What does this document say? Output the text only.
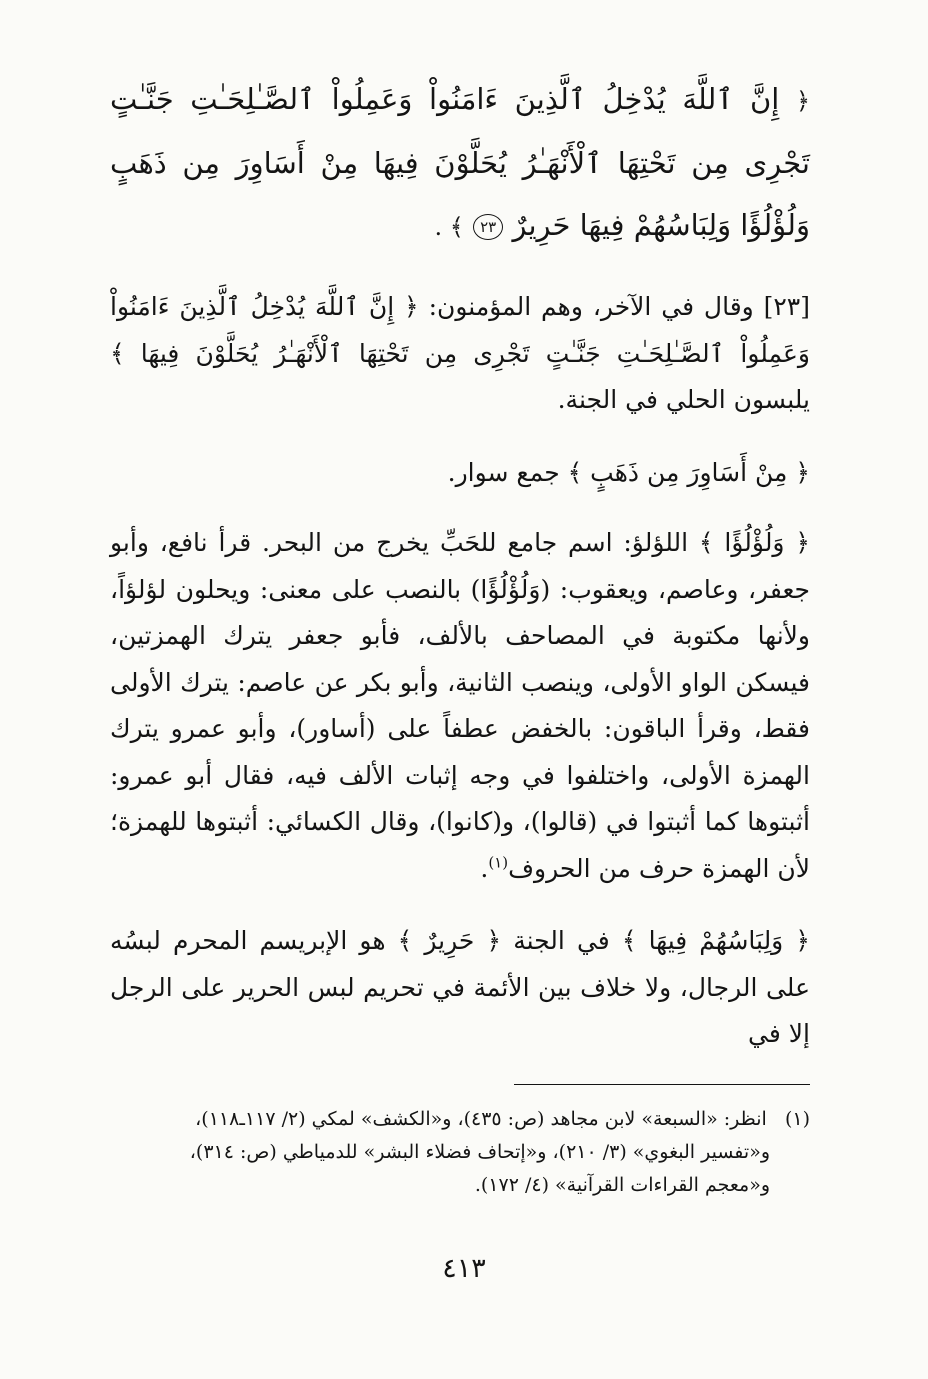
﴿ إِنَّ ٱللَّهَ يُدْخِلُ ٱلَّذِينَ ءَامَنُواْ وَعَمِلُواْ ٱلصَّـٰلِحَـٰتِ جَنَّـٰتٍ تَجْرِى مِن تَحْتِهَا ٱلْأَنْهَـٰرُ يُحَلَّوْنَ فِيهَا مِنْ أَسَاوِرَ مِن ذَهَبٍ وَلُؤْلُؤًا وَلِبَاسُهُمْ فِيهَا حَرِيرٌ ٢٣ ﴾ .

[٢٣] وقال في الآخر، وهم المؤمنون: ﴿ إِنَّ ٱللَّهَ يُدْخِلُ ٱلَّذِينَ ءَامَنُواْ وَعَمِلُواْ ٱلصَّـٰلِحَـٰتِ جَنَّـٰتٍ تَجْرِى مِن تَحْتِهَا ٱلْأَنْهَـٰرُ يُحَلَّوْنَ فِيهَا ﴾ يلبسون الحلي في الجنة.

﴿ مِنْ أَسَاوِرَ مِن ذَهَبٍ ﴾ جمع سوار.

﴿ وَلُؤْلُؤًا ﴾ اللؤلؤ: اسم جامع للحَبِّ يخرج من البحر. قرأ نافع، وأبو جعفر، وعاصم، ويعقوب: (وَلُؤْلُؤًا) بالنصب على معنى: ويحلون لؤلؤاً، ولأنها مكتوبة في المصاحف بالألف، فأبو جعفر يترك الهمزتين، فيسكن الواو الأولى، وينصب الثانية، وأبو بكر عن عاصم: يترك الأولى فقط، وقرأ الباقون: بالخفض عطفاً على (أساور)، وأبو عمرو يترك الهمزة الأولى، واختلفوا في وجه إثبات الألف فيه، فقال أبو عمرو: أثبتوها كما أثبتوا في (قالوا)، و(كانوا)، وقال الكسائي: أثبتوها للهمزة؛ لأن الهمزة حرف من الحروف$^{(١)}$.

﴿ وَلِبَاسُهُمْ فِيهَا ﴾ في الجنة ﴿ حَرِيرٌ ﴾ هو الإبريسم المحرم لبسُه على الرجال، ولا خلاف بين الأئمة في تحريم لبس الحرير على الرجل إلا في

(١)   انظر: «السبعة» لابن مجاهد (ص: ٤٣٥)، و«الكشف» لمكي (٢/ ١١٧ـ١١٨)،
و«تفسير البغوي» (٣/ ٢١٠)، و«إتحاف فضلاء البشر» للدمياطي (ص: ٣١٤)،
و«معجم القراءات القرآنية» (٤/ ١٧٢).
٤١٣
